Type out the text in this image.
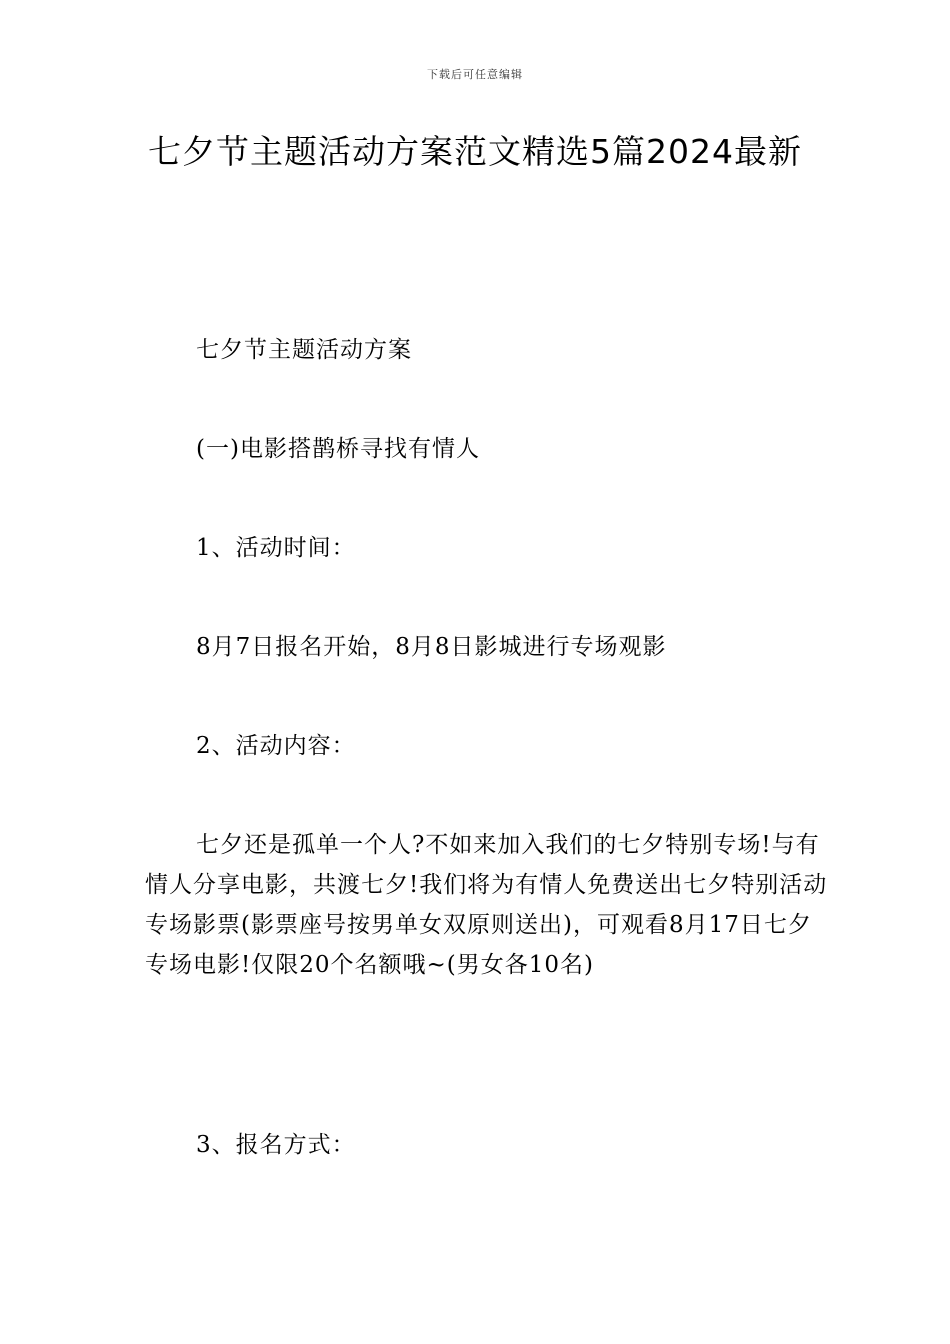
下载后可任意编辑
七夕节主题活动方案范文精选5篇2024最新

七夕节主题活动方案

(一)电影搭鹊桥寻找有情人

1、活动时间：

8月7日报名开始，8月8日影城进行专场观影

2、活动内容：

七夕还是孤单一个人?不如来加入我们的七夕特别专场!与有情人分享电影，共渡七夕!我们将为有情人免费送出七夕特别活动专场影票(影票座号按男单女双原则送出)，可观看8月17日七夕专场电影!仅限20个名额哦~(男女各10名)

3、报名方式：
